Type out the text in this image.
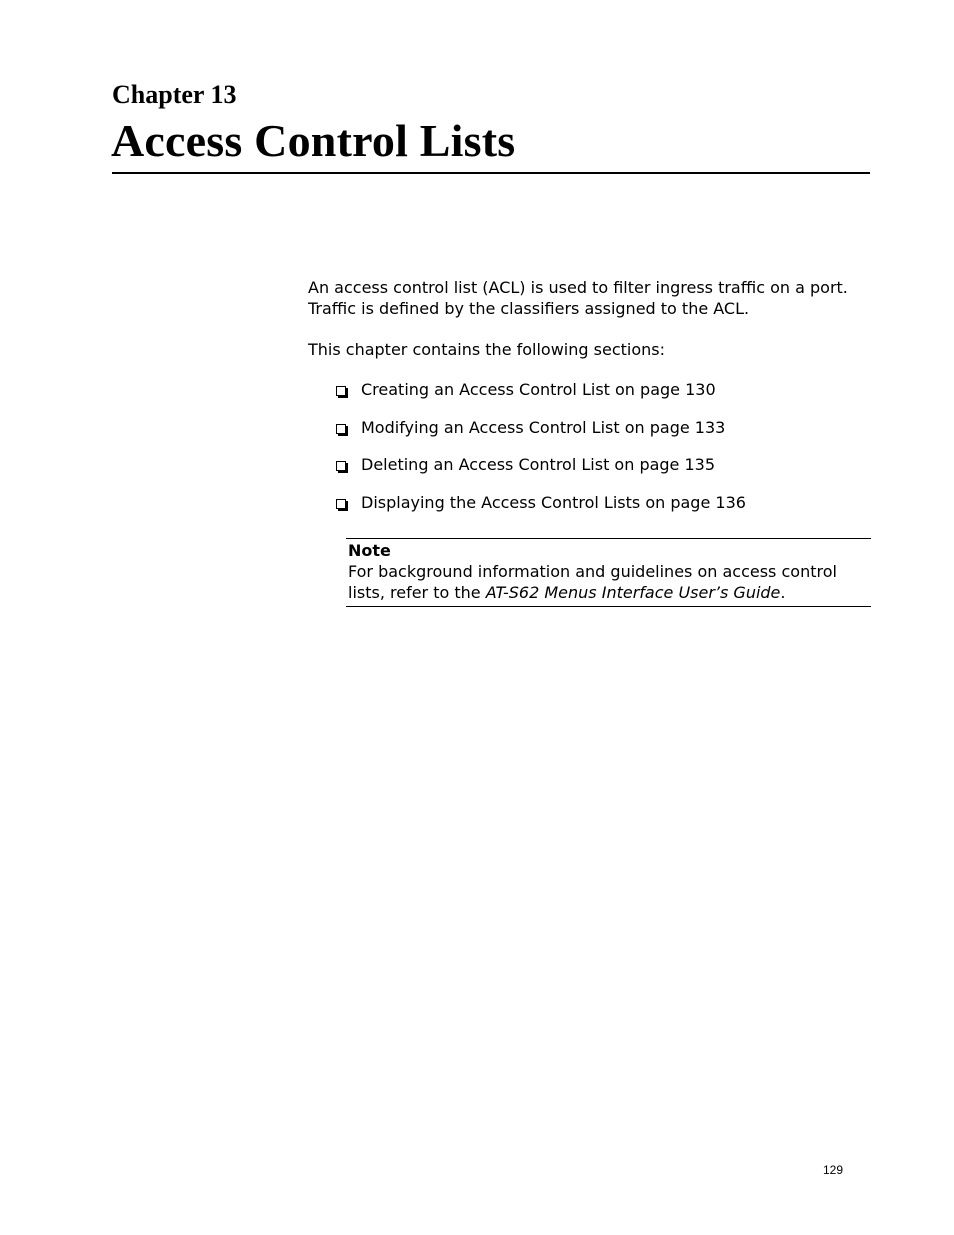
Chapter 13
Access Control Lists

An access control list (ACL) is used to filter ingress traffic on a port. Traffic is defined by the classifiers assigned to the ACL.

This chapter contains the following sections:

Creating an Access Control List on page 130
Modifying an Access Control List on page 133
Deleting an Access Control List on page 135
Displaying the Access Control Lists on page 136

Note

For background information and guidelines on access control lists, refer to the AT-S62 Menus Interface User’s Guide.

129
